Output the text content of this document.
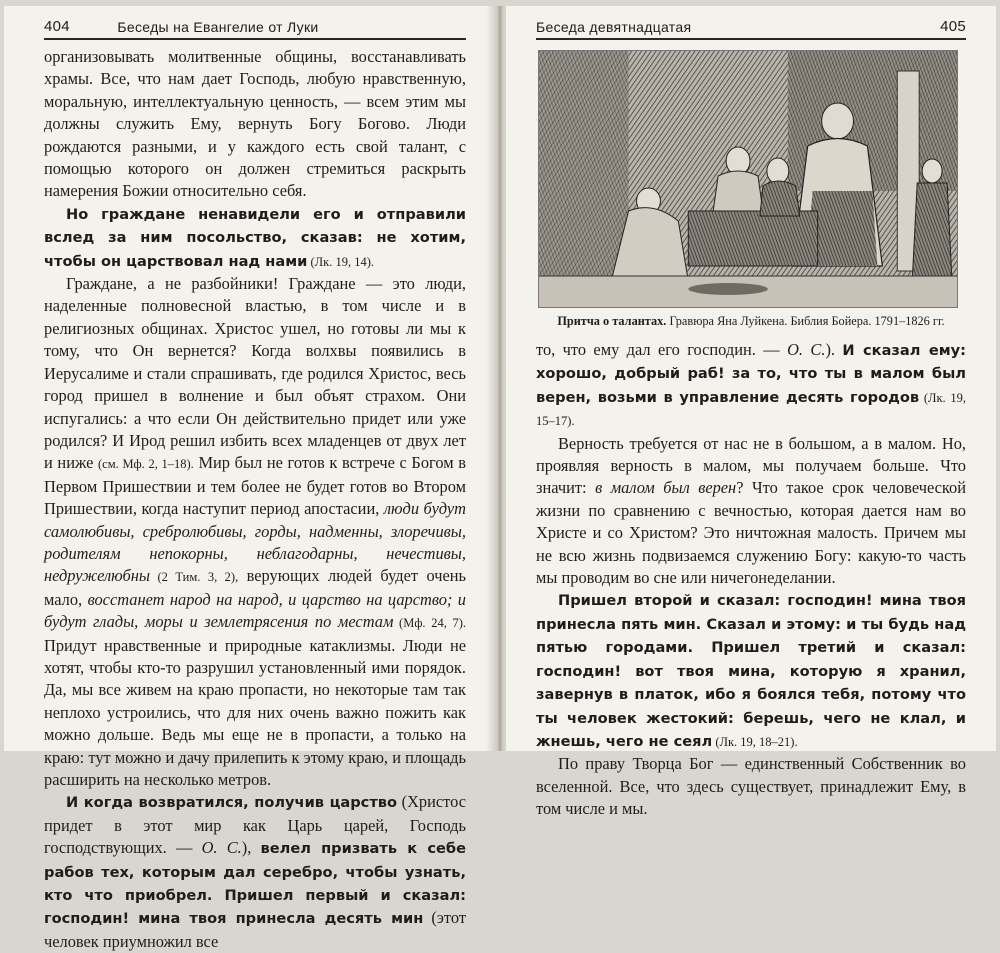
404	Беседы на Евангелие от Луки

организовывать молитвенные общины, восстанавливать храмы. Все, что нам дает Господь, любую нравственную, моральную, интеллектуальную ценность, — всем этим мы должны служить Ему, вернуть Богу Богово. Люди рождаются разными, и у каждого есть свой талант, с помощью которого он должен стремиться раскрыть намерения Божии относительно себя.

Но граждане ненавидели его и отправили вслед за ним посольство, сказав: не хотим, чтобы он царствовал над нами (Лк. 19, 14).

Граждане, а не разбойники! Граждане — это люди, наделенные полновесной властью, в том числе и в религиозных общинах. Христос ушел, но готовы ли мы к тому, что Он вернется? Когда волхвы появились в Иерусалиме и стали спрашивать, где родился Христос, весь город пришел в волнение и был объят страхом. Они испугались: а что если Он действительно придет или уже родился? И Ирод решил избить всех младенцев от двух лет и ниже (см. Мф. 2, 1–18). Мир был не готов к встрече с Богом в Первом Пришествии и тем более не будет готов во Втором Пришествии, когда наступит период апостасии, люди будут самолюбивы, сребролюбивы, горды, надменны, злоречивы, родителям непокорны, неблагодарны, нечестивы, недружелюбны (2 Тим. 3, 2), верующих людей будет очень мало, восстанет народ на народ, и царство на царство; и будут глады, моры и землетрясения по местам (Мф. 24, 7). Придут нравственные и природные катаклизмы. Люди не хотят, чтобы кто-то разрушил установленный ими порядок. Да, мы все живем на краю пропасти, но некоторые там так неплохо устроились, что для них очень важно пожить как можно дольше. Ведь мы еще не в пропасти, а только на краю: тут можно и дачу прилепить к этому краю, и площадь расширить на несколько метров.

И когда возвратился, получив царство (Христос придет в этот мир как Царь царей, Господь господствующих. — О. С.), велел призвать к себе рабов тех, которым дал серебро, чтобы узнать, кто что приобрел. Пришел первый и сказал: господин! мина твоя принесла десять мин (этот человек приумножил все

Беседа девятнадцатая	405
Притча о талантах. Гравюра Яна Луйкена. Библия Бойера. 1791–1826 гг.

то, что ему дал его господин. — О. С.). И сказал ему: хорошо, добрый раб! за то, что ты в малом был верен, возьми в управление десять городов (Лк. 19, 15–17).

Верность требуется от нас не в большом, а в малом. Но, проявляя верность в малом, мы получаем больше. Что значит: в малом был верен? Что такое срок человеческой жизни по сравнению с вечностью, которая дается нам во Христе и со Христом? Это ничтожная малость. Причем мы не всю жизнь подвизаемся служению Богу: какую-то часть мы проводим во сне или ничегонеделании.

Пришел второй и сказал: господин! мина твоя принесла пять мин. Сказал и этому: и ты будь над пятью городами. Пришел третий и сказал: господин! вот твоя мина, которую я хранил, завернув в платок, ибо я боялся тебя, потому что ты человек жестокий: берешь, чего не клал, и жнешь, чего не сеял (Лк. 19, 18–21).

По праву Творца Бог — единственный Собственник во вселенной. Все, что здесь существует, принадлежит Ему, в том числе и мы.
